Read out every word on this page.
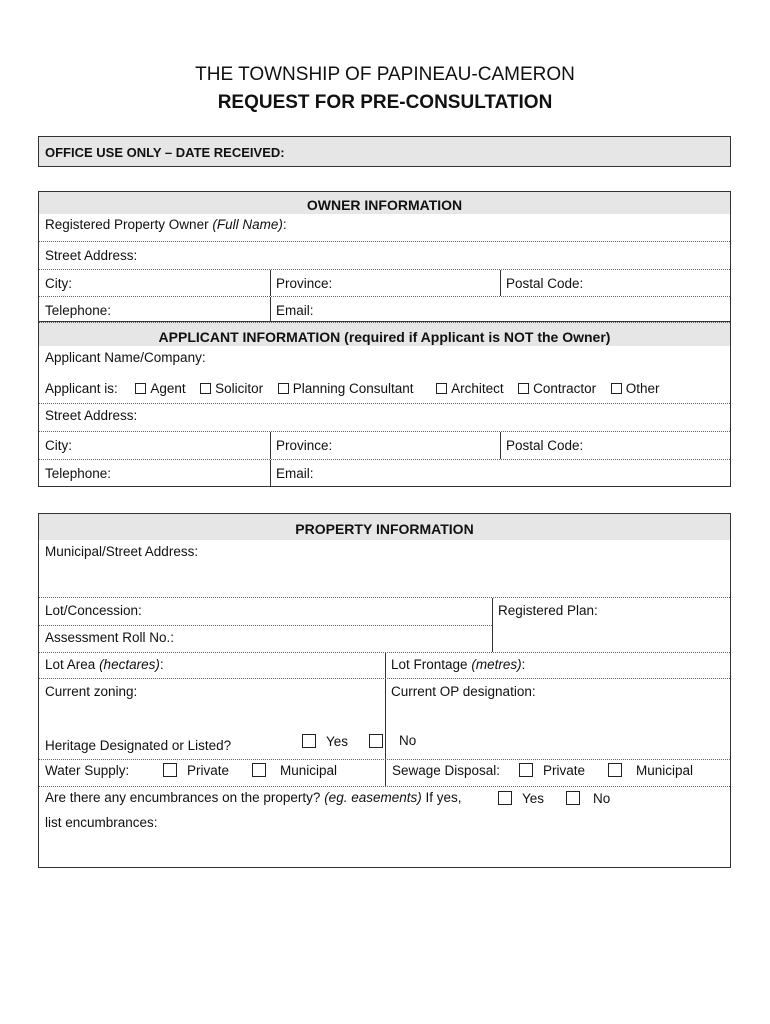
THE TOWNSHIP OF PAPINEAU-CAMERON
REQUEST FOR PRE-CONSULTATION
OFFICE USE ONLY – DATE RECEIVED:
OWNER INFORMATION
Registered Property Owner (Full Name):
Street Address:
City:	Province:	Postal Code:
Telephone:	Email:
APPLICANT INFORMATION (required if Applicant is NOT the Owner)
Applicant Name/Company:
Applicant is: Agent Solicitor Planning Consultant	Architect Contractor Other
Street Address:
City:	Province:	Postal Code:
Telephone:	Email:
PROPERTY INFORMATION
Municipal/Street Address:
Lot/Concession:
Assessment Roll No.:
Registered Plan:
Lot Area (hectares):	Lot Frontage (metres):
Current zoning:	Current OP designation:
Heritage Designated or Listed?	Yes	No
Water Supply:	Private	Municipal	Sewage Disposal:	Private	Municipal
Are there any encumbrances on the property? (eg. easements) If yes,	Yes	No
list encumbrances:
